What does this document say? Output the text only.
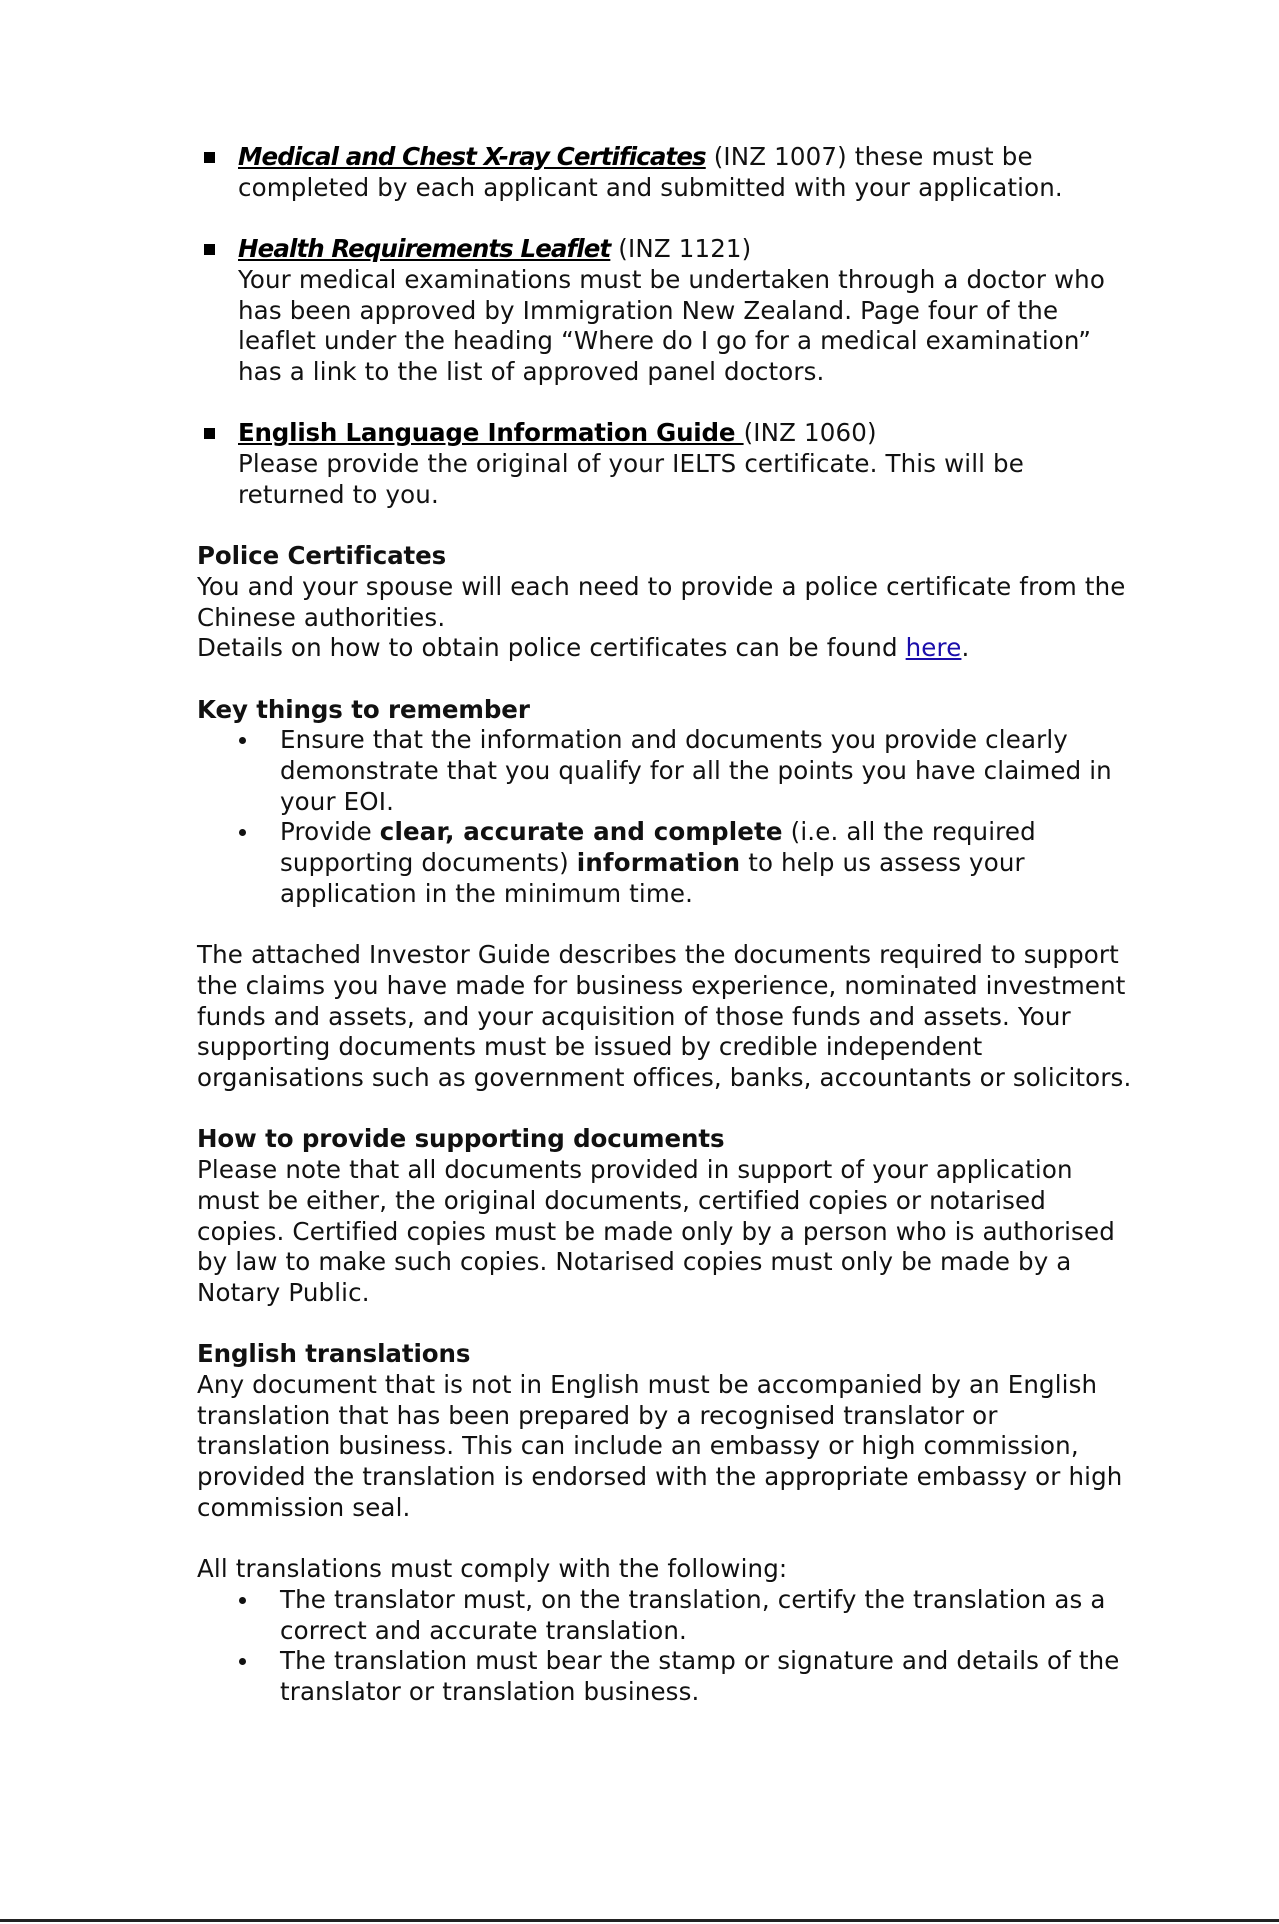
Medical and Chest X-ray Certificates (INZ 1007) these must be
completed by each applicant and submitted with your application.
Health Requirements Leaflet (INZ 1121)
Your medical examinations must be undertaken through a doctor who
has been approved by Immigration New Zealand. Page four of the
leaflet under the heading “Where do I go for a medical examination”
has a link to the list of approved panel doctors.
English Language Information Guide (INZ 1060)
Please provide the original of your IELTS certificate. This will be
returned to you.
Police Certificates
You and your spouse will each need to provide a police certificate from the
Chinese authorities.
Details on how to obtain police certificates can be found here.
Key things to remember
Ensure that the information and documents you provide clearly
demonstrate that you qualify for all the points you have claimed in
your EOI.
Provide clear, accurate and complete (i.e. all the required
supporting documents) information to help us assess your
application in the minimum time.
The attached Investor Guide describes the documents required to support
the claims you have made for business experience, nominated investment
funds and assets, and your acquisition of those funds and assets. Your
supporting documents must be issued by credible independent
organisations such as government offices, banks, accountants or solicitors.
How to provide supporting documents
Please note that all documents provided in support of your application
must be either, the original documents, certified copies or notarised
copies. Certified copies must be made only by a person who is authorised
by law to make such copies. Notarised copies must only be made by a
Notary Public.
English translations
Any document that is not in English must be accompanied by an English
translation that has been prepared by a recognised translator or
translation business. This can include an embassy or high commission,
provided the translation is endorsed with the appropriate embassy or high
commission seal.
All translations must comply with the following:
The translator must, on the translation, certify the translation as a
correct and accurate translation.
The translation must bear the stamp or signature and details of the
translator or translation business.
